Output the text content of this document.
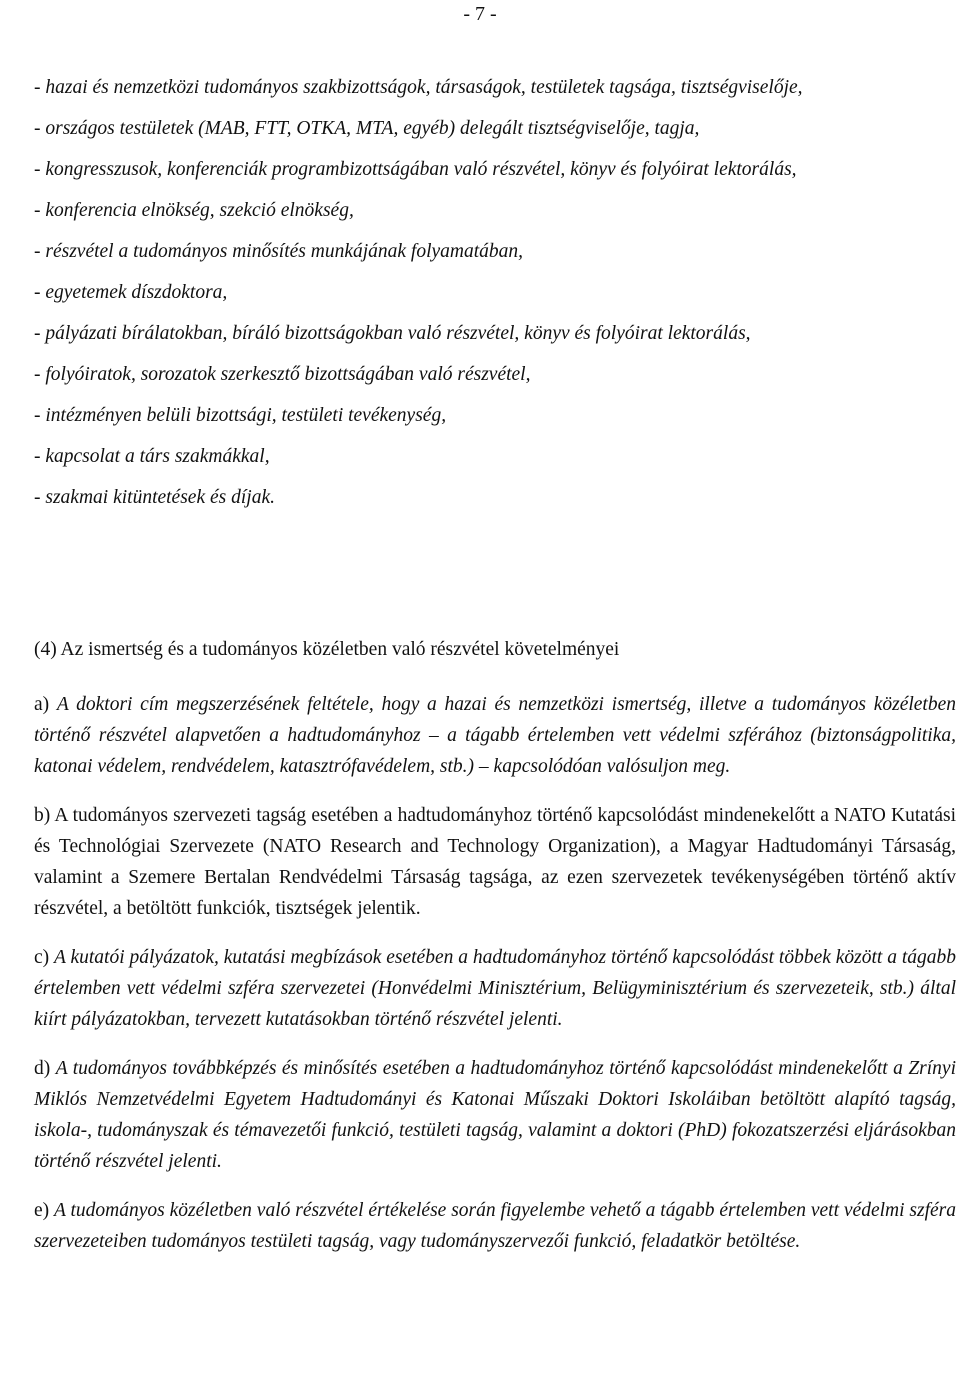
- 7 -

- hazai és nemzetközi tudományos szakbizottságok, társaságok, testületek tagsága, tisztségviselője,

- országos testületek (MAB, FTT, OTKA, MTA, egyéb) delegált tisztségviselője, tagja,

- kongresszusok, konferenciák programbizottságában való részvétel, könyv és folyóirat lektorálás,

- konferencia elnökség, szekció elnökség,

- részvétel a tudományos minősítés munkájának folyamatában,

- egyetemek díszdoktora,

- pályázati bírálatokban, bíráló bizottságokban való részvétel, könyv és folyóirat lektorálás,

- folyóiratok, sorozatok szerkesztő bizottságában való részvétel,

- intézményen belüli bizottsági, testületi tevékenység,

- kapcsolat a társ szakmákkal,

- szakmai kitüntetések és díjak.

(4) Az ismertség és a tudományos közéletben való részvétel követelményei

a) A doktori cím megszerzésének feltétele, hogy a hazai és nemzetközi ismertség, illetve a tudományos közéletben történő részvétel alapvetően a hadtudományhoz – a tágabb értelemben vett védelmi szférához (biztonságpolitika, katonai védelem, rendvédelem, katasztrófavédelem, stb.) – kapcsolódóan valósuljon meg.

b) A tudományos szervezeti tagság esetében a hadtudományhoz történő kapcsolódást mindenekelőtt a NATO Kutatási és Technológiai Szervezete (NATO Research and Technology Organization), a Magyar Hadtudományi Társaság, valamint a Szemere Bertalan Rendvédelmi Társaság tagsága, az ezen szervezetek tevékenységében történő aktív részvétel, a betöltött funkciók, tisztségek jelentik.

c) A kutatói pályázatok, kutatási megbízások esetében a hadtudományhoz történő kapcsolódást többek között a tágabb értelemben vett védelmi szféra szervezetei (Honvédelmi Minisztérium, Belügyminisztérium és szervezeteik, stb.) által kiírt pályázatokban, tervezett kutatásokban történő részvétel jelenti.

d) A tudományos továbbképzés és minősítés esetében a hadtudományhoz történő kapcsolódást mindenekelőtt a Zrínyi Miklós Nemzetvédelmi Egyetem Hadtudományi és Katonai Műszaki Doktori Iskoláiban betöltött alapító tagság, iskola-, tudományszak és témavezetői funkció, testületi tagság, valamint a doktori (PhD) fokozatszerzési eljárásokban történő részvétel jelenti.

e) A tudományos közéletben való részvétel értékelése során figyelembe vehető a tágabb értelemben vett védelmi szféra szervezeteiben tudományos testületi tagság, vagy tudományszervezői funkció, feladatkör betöltése.
